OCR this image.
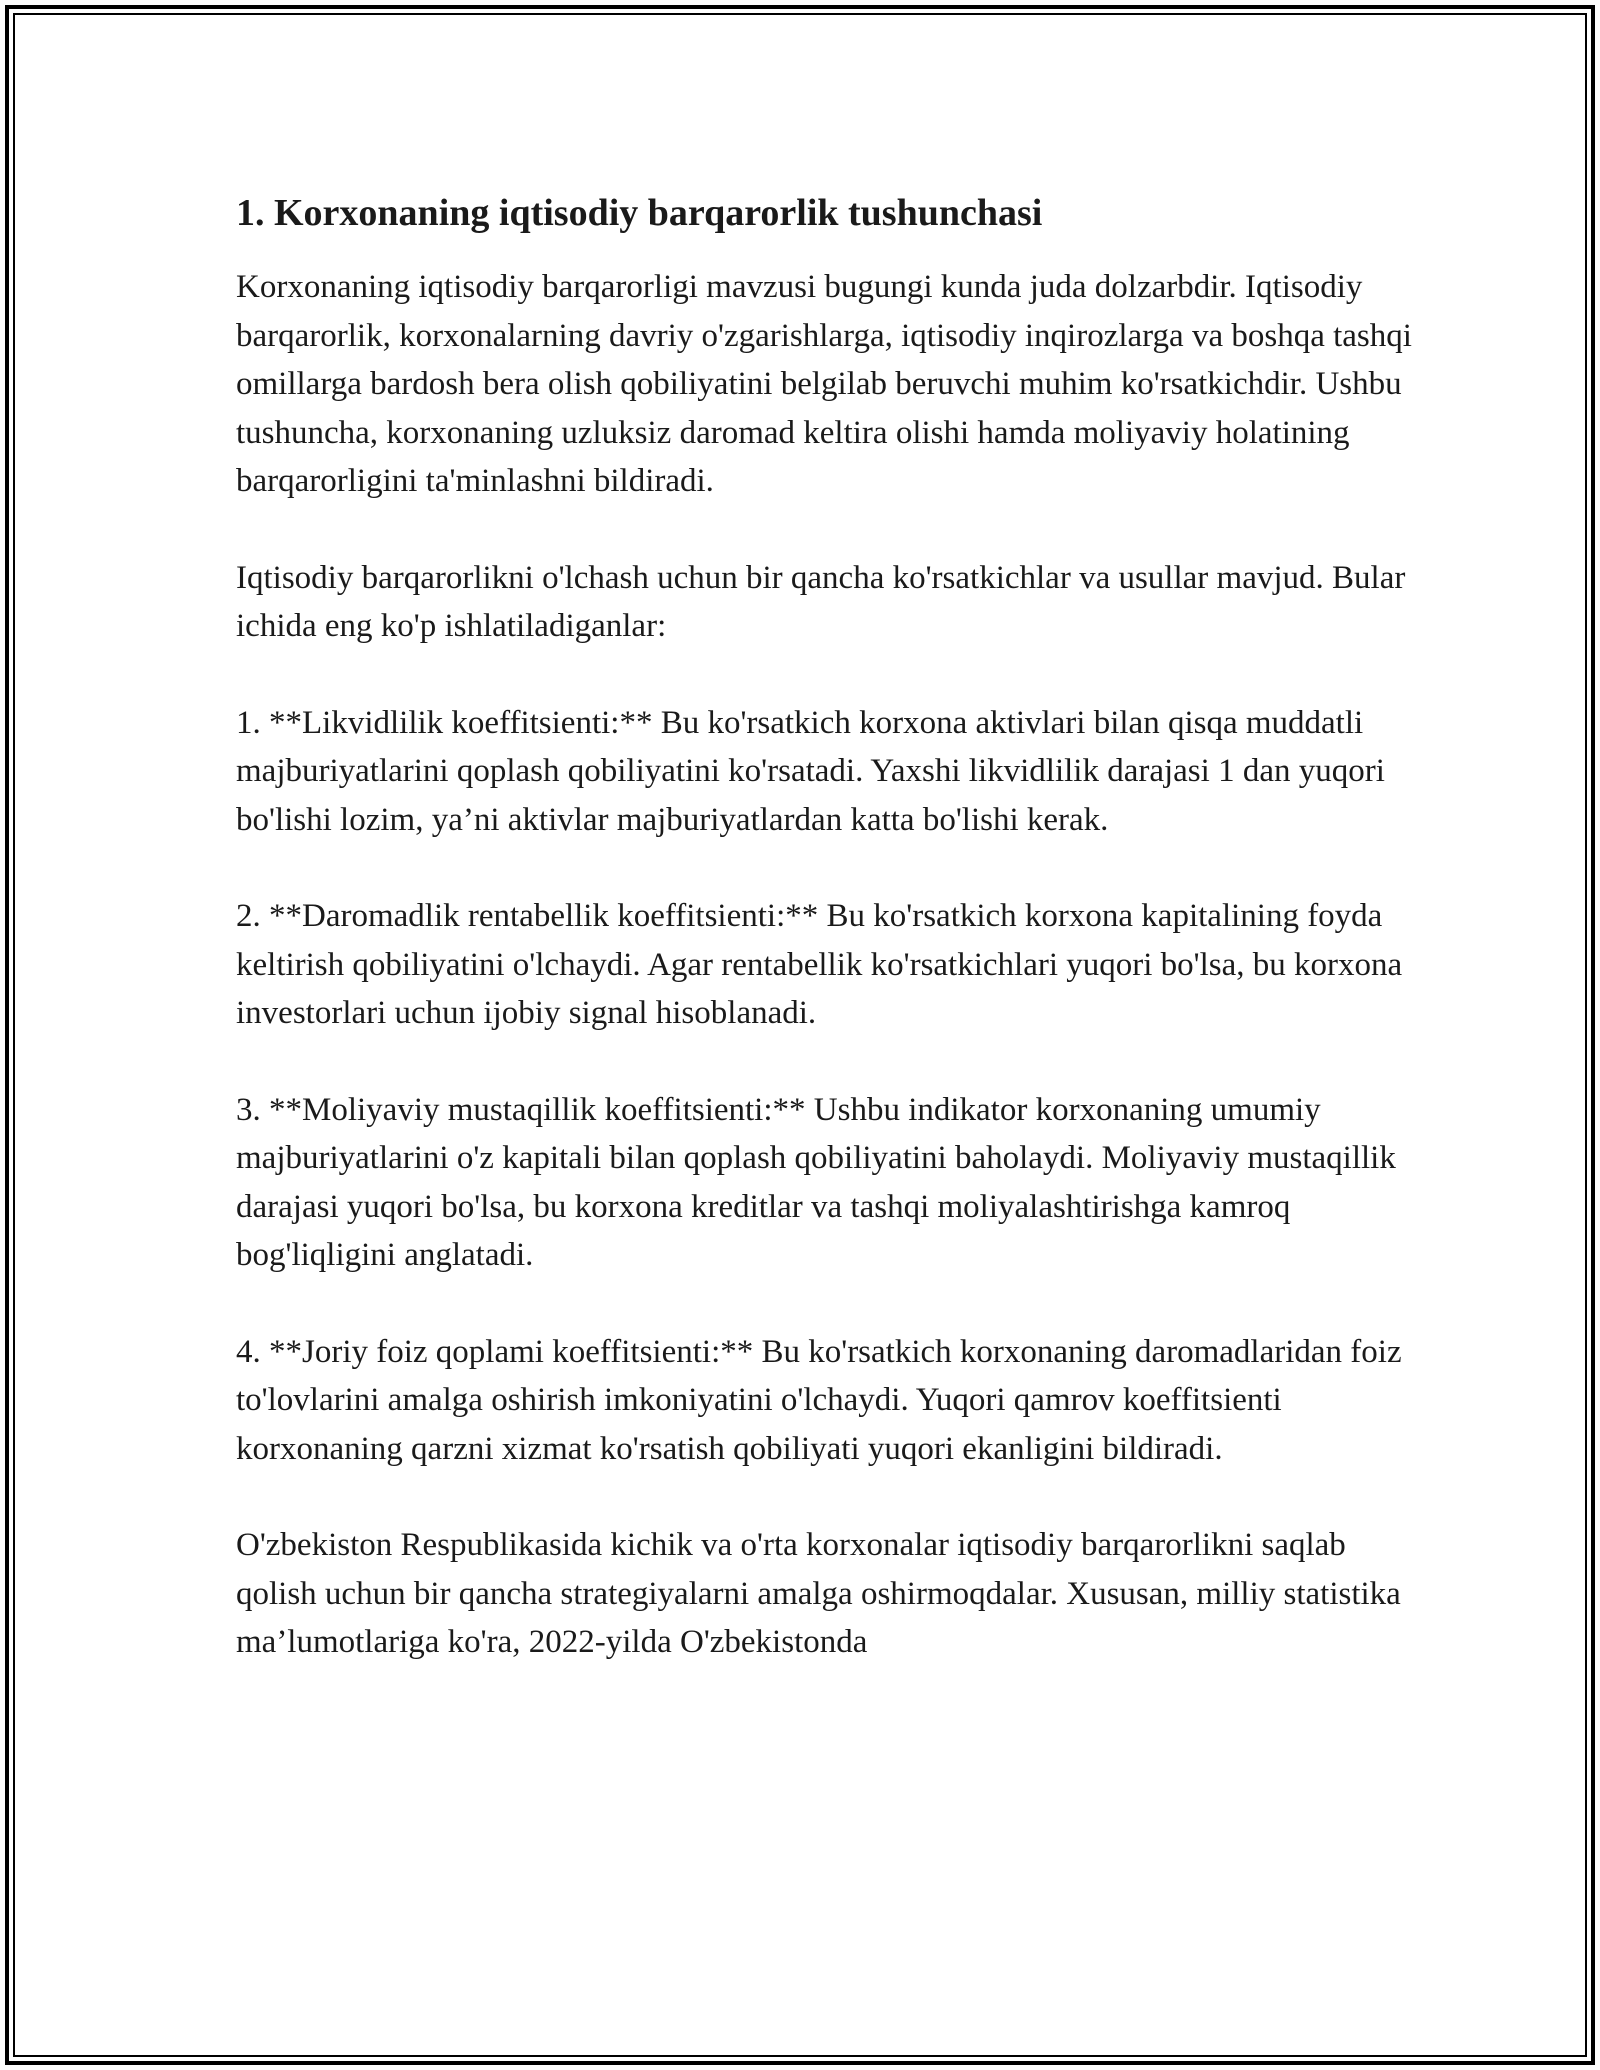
1. Korxonaning iqtisodiy barqarorlik tushunchasi

Korxonaning iqtisodiy barqarorligi mavzusi bugungi kunda juda dolzarbdir. Iqtisodiy barqarorlik, korxonalarning davriy o'zgarishlarga, iqtisodiy inqirozlarga va boshqa tashqi omillarga bardosh bera olish qobiliyatini belgilab beruvchi muhim ko'rsatkichdir. Ushbu tushuncha, korxonaning uzluksiz daromad keltira olishi hamda moliyaviy holatining barqarorligini ta'minlashni bildiradi.

Iqtisodiy barqarorlikni o'lchash uchun bir qancha ko'rsatkichlar va usullar mavjud. Bular ichida eng ko'p ishlatiladiganlar:

1. **Likvidlilik koeffitsienti:** Bu ko'rsatkich korxona aktivlari bilan qisqa muddatli majburiyatlarini qoplash qobiliyatini ko'rsatadi. Yaxshi likvidlilik darajasi 1 dan yuqori bo'lishi lozim, ya’ni aktivlar majburiyatlardan katta bo'lishi kerak.

2. **Daromadlik rentabellik koeffitsienti:** Bu ko'rsatkich korxona kapitalining foyda keltirish qobiliyatini o'lchaydi. Agar rentabellik ko'rsatkichlari yuqori bo'lsa, bu korxona investorlari uchun ijobiy signal hisoblanadi.

3. **Moliyaviy mustaqillik koeffitsienti:** Ushbu indikator korxonaning umumiy majburiyatlarini o'z kapitali bilan qoplash qobiliyatini baholaydi. Moliyaviy mustaqillik darajasi yuqori bo'lsa, bu korxona kreditlar va tashqi moliyalashtirishga kamroq bog'liqligini anglatadi.

4. **Joriy foiz qoplami koeffitsienti:** Bu ko'rsatkich korxonaning daromadlaridan foiz to'lovlarini amalga oshirish imkoniyatini o'lchaydi. Yuqori qamrov koeffitsienti korxonaning qarzni xizmat ko'rsatish qobiliyati yuqori ekanligini bildiradi.

O'zbekiston Respublikasida kichik va o'rta korxonalar iqtisodiy barqarorlikni saqlab qolish uchun bir qancha strategiyalarni amalga oshirmoqdalar. Xususan, milliy statistika ma’lumotlariga ko'ra, 2022-yilda O'zbekistonda
